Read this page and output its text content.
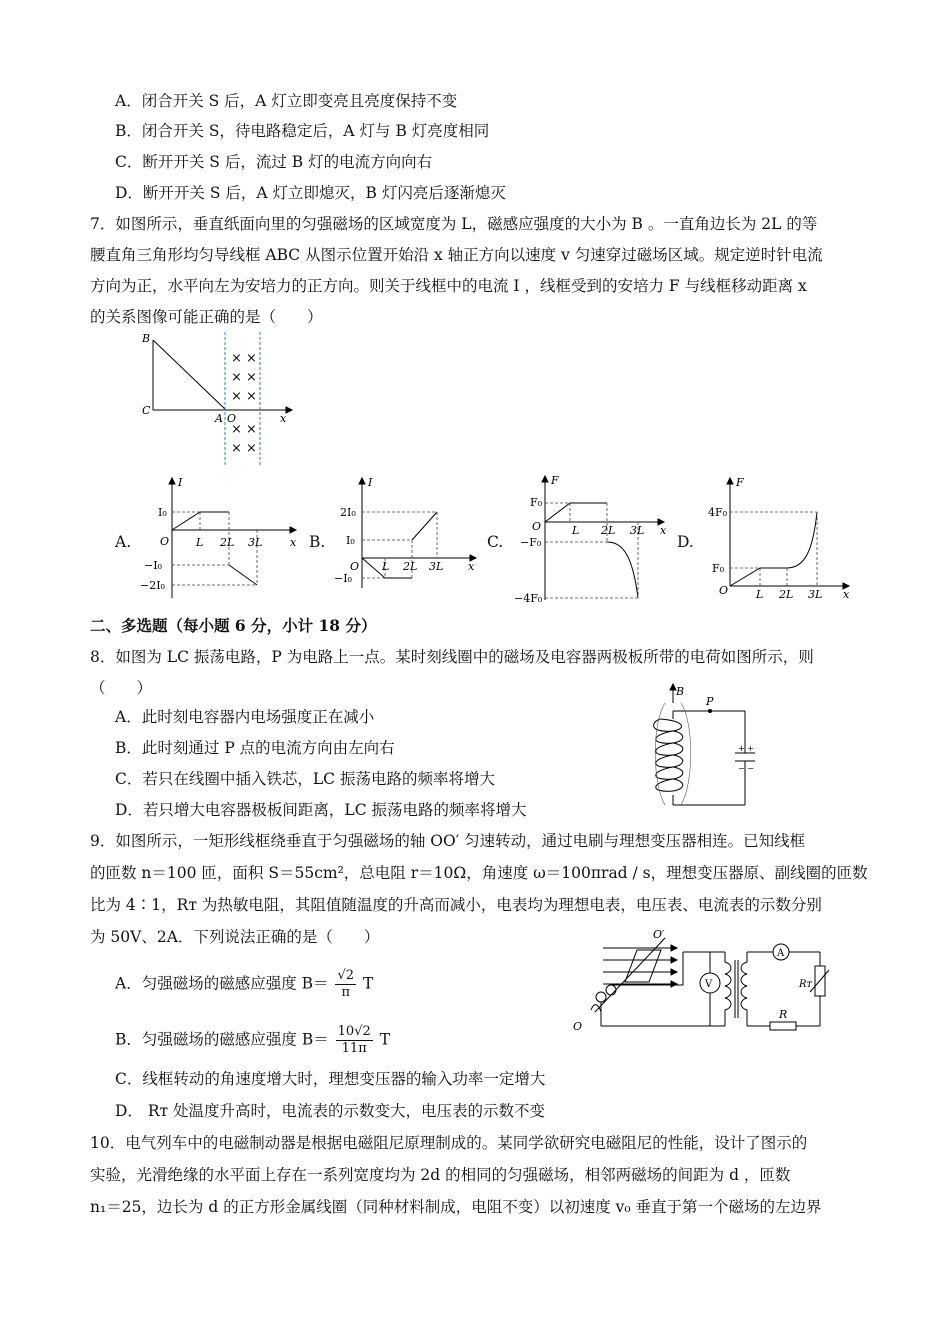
A．闭合开关 S 后，A 灯立即变亮且亮度保持不变
B．闭合开关 S，待电路稳定后，A 灯与 B 灯亮度相同
C．断开开关 S 后，流过 B 灯的电流方向向右
D．断开开关 S 后，A 灯立即熄灭，B 灯闪亮后逐渐熄灭
7．如图所示，垂直纸面向里的匀强磁场的区域宽度为 L，磁感应强度的大小为 B 。一直角边长为 2L 的等
腰直角三角形均匀导线框 ABC 从图示位置开始沿 x 轴正方向以速度 v 匀速穿过磁场区域。规定逆时针电流
方向为正，水平向左为安培力的正方向。则关于线框中的电流 I ，线框受到的安培力 F 与线框移动距离 x
的关系图像可能正确的是（　　）
B
C
A O	x
× ×
× ×
× ×
× ×
× ×
A.	B.	C.	D.
I
I₀
O L 2L 3L	x
−I₀
−2I₀
I
2I₀
I₀
O L 2L 3L x
−I₀
F
F₀
O	L 2L 3L x
−F₀
−4F₀
F
4F₀
F₀
O	L 2L 3L x
二、多选题（每小题 6 分，小计 18 分）
8．如图为 LC 振荡电路，P 为电路上一点。某时刻线圈中的磁场及电容器两极板所带的电荷如图所示，则
（　　）
A．此时刻电容器内电场强度正在减小
B．此时刻通过 P 点的电流方向由左向右
C．若只在线圈中插入铁芯，LC 振荡电路的频率将增大
D．若只增大电容器极板间距离，LC 振荡电路的频率将增大
B
P
+ +
− −
9．如图所示，一矩形线框绕垂直于匀强磁场的轴 OO′ 匀速转动，通过电刷与理想变压器相连。已知线框
的匝数 n＝100 匝，面积 S＝55cm²，总电阻 r＝10Ω，角速度 ω＝100πrad / s，理想变压器原、副线圈的匝数
比为 4∶1，Rᴛ 为热敏电阻，其阻值随温度的升高而减小，电表均为理想电表，电压表、电流表的示数分别
为 50V、2A．下列说法正确的是（　　）
A．匀强磁场的磁感应强度 $B= \frac{√2}{\pi}$ T
B．匀强磁场的磁感应强度 $B= \frac{10√2}{11\pi}$ T
C．线框转动的角速度增大时，理想变压器的输入功率一定增大
D． Rᴛ 处温度升高时，电流表的示数变大，电压表的示数不变
O′
O
V
A
Rᴛ
R
10．电气列车中的电磁制动器是根据电磁阻尼原理制成的。某同学欲研究电磁阻尼的性能，设计了图示的
实验，光滑绝缘的水平面上存在一系列宽度均为 2d 的相同的匀强磁场，相邻两磁场的间距为 d ，匝数
n₁＝25，边长为 d 的正方形金属线圈（同种材料制成，电阻不变）以初速度 v₀ 垂直于第一个磁场的左边界
